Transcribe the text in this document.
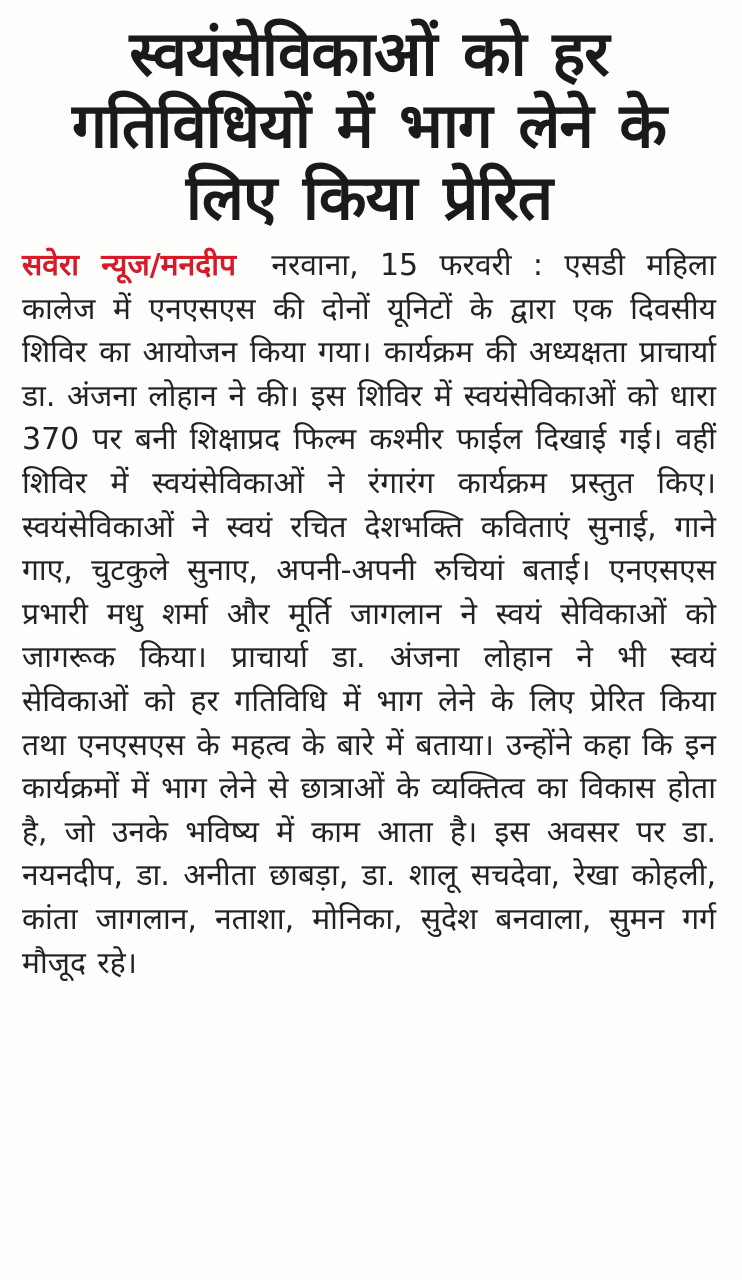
स्वयंसेविकाओं को हर गतिविधियों में भाग लेने के लिए किया प्रेरित

सवेरा न्यूज/मनदीप नरवाना, 15 फरवरी : एसडी महिला कालेज में एनएसएस की दोनों यूनिटों के द्वारा एक दिवसीय शिविर का आयोजन किया गया। कार्यक्रम की अध्यक्षता प्राचार्या डा. अंजना लोहान ने की। इस शिविर में स्वयंसेविकाओं को धारा 370 पर बनी शिक्षाप्रद फिल्म कश्मीर फाईल दिखाई गई। वहीं शिविर में स्वयंसेविकाओं ने रंगारंग कार्यक्रम प्रस्तुत किए। स्वयंसेविकाओं ने स्वयं रचित देशभक्ति कविताएं सुनाई, गाने गाए, चुटकुले सुनाए, अपनी-अपनी रुचियां बताई। एनएसएस प्रभारी मधु शर्मा और मूर्ति जागलान ने स्वयं सेविकाओं को जागरूक किया। प्राचार्या डा. अंजना लोहान ने भी स्वयं सेविकाओं को हर गतिविधि में भाग लेने के लिए प्रेरित किया तथा एनएसएस के महत्व के बारे में बताया। उन्होंने कहा कि इन कार्यक्रमों में भाग लेने से छात्राओं के व्यक्तित्व का विकास होता है, जो उनके भविष्य में काम आता है। इस अवसर पर डा. नयनदीप, डा. अनीता छाबड़ा, डा. शालू सचदेवा, रेखा कोहली, कांता जागलान, नताशा, मोनिका, सुदेश बनवाला, सुमन गर्ग मौजूद रहे।
